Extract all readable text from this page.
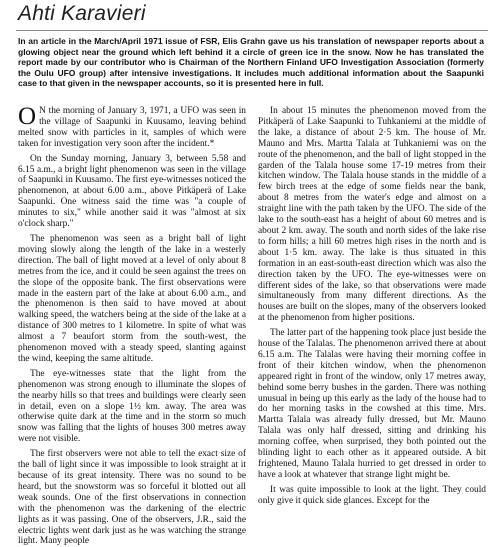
Ahti Karavieri

In an article in the March/April 1971 issue of FSR, Elis Grahn gave us his translation of newspaper reports about a glowing object near the ground which left behind it a circle of green ice in the snow. Now he has translated the report made by our contributor who is Chairman of the Northern Finland UFO Investigation Association (formerly the Oulu UFO group) after intensive investigations. It includes much additional information about the Saapunki case to that given in the newspaper accounts, so it is presented here in full.

O N the morning of January 3, 1971, a UFO was seen in the village of Saapunki in Kuusamo, leaving behind melted snow with particles in it, samples of which were taken for investigation very soon after the incident.*

On the Sunday morning, January 3, between 5.58 and 6.15 a.m., a bright light phenomenon was seen in the village of Saapunki in Kuusamo. The first eye-witnesses noticed the phenomenon, at about 6.00 a.m., above Pitkäperä of Lake Saapunki. One witness said the time was "a couple of minutes to six," while another said it was "almost at six o'clock sharp."

The phenomenon was seen as a bright ball of light moving slowly along the length of the lake in a westerly direction. The ball of light moved at a level of only about 8 metres from the ice, and it could be seen against the trees on the slope of the opposite bank. The first observations were made in the eastern part of the lake at about 6.00 a.m., and the phenomenon is then said to have moved at about walking speed, the watchers being at the side of the lake at a distance of 300 metres to 1 kilometre. In spite of what was almost a 7 beaufort storm from the south-west, the phenomenon moved with a steady speed, slanting against the wind, keeping the same altitude.

The eye-witnesses state that the light from the phenomenon was strong enough to illuminate the slopes of the nearby hills so that trees and buildings were clearly seen in detail, even on a slope 1½ km. away. The area was otherwise quite dark at the time and in the storm so much snow was falling that the lights of houses 300 metres away were not visible.

The first observers were not able to tell the exact size of the ball of light since it was impossible to look straight at it because of its great intensity. There was no sound to be heard, but the snowstorm was so forceful it blotted out all weak sounds. One of the first observations in connection with the phenomenon was the darkening of the electric lights as it was passing. One of the observers, J.R., said the electric lights went dark just as he was watching the strange light. Many people

In about 15 minutes the phenomenon moved from the Pitkäperä of Lake Saapunki to Tuhkaniemi at the middle of the lake, a distance of about 2·5 km. The house of Mr. Mauno and Mrs. Martta Talala at Tuhkaniemi was on the route of the phenomenon, and the ball of light stopped in the garden of the Talala house some 17-19 metres from their kitchen window. The Talala house stands in the middle of a few birch trees at the edge of some fields near the bank, about 8 metres from the water's edge and almost on a straight line with the path taken by the UFO. The side of the lake to the south-east has a height of about 60 metres and is about 2 km. away. The south and north sides of the lake rise to form hills; a hill 60 metres high rises in the north and is about 1·5 km. away. The lake is thus situated in this formation in an east-south-east direction which was also the direction taken by the UFO. The eye-witnesses were on different sides of the lake, so that observations were made simultaneously from many different directions. As the houses are built on the slopes, many of the observers looked at the phenomenon from higher positions.

The latter part of the happening took place just beside the house of the Talalas. The phenomenon arrived there at about 6.15 a.m. The Talalas were having their morning coffee in front of their kitchen window, when the phenomenon appeared right in front of the window, only 17 metres away, behind some berry bushes in the garden. There was nothing unusual in being up this early as the lady of the house had to do her morning tasks in the cowshed at this time. Mrs. Martta Talala was already fully dressed, but Mr. Mauno Talala was only half dressed, sitting and drinking his morning coffee, when surprised, they both pointed out the blinding light to each other as it appeared outside. A bit frightened, Mauno Talala hurried to get dressed in order to have a look at whatever that strange light might be.

It was quite impossible to look at the light. They could only give it quick side glances. Except for the
